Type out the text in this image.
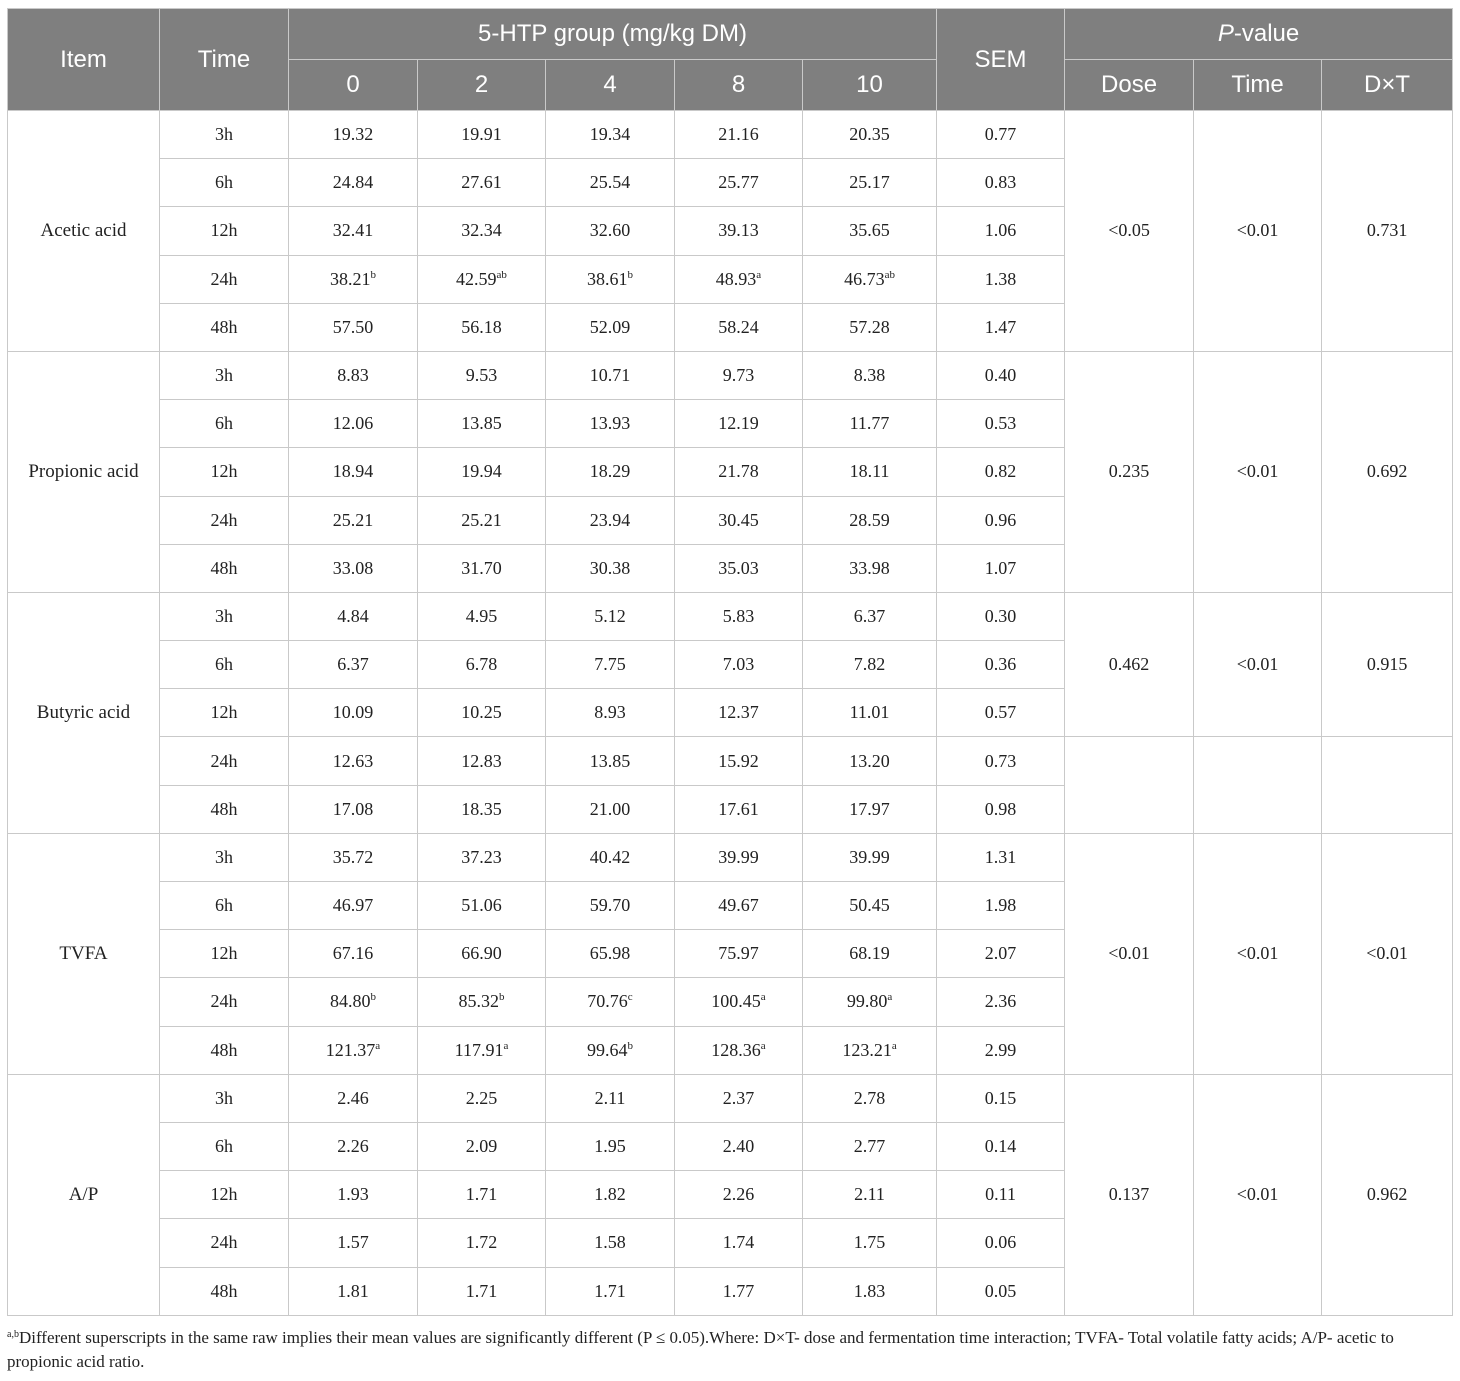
Item	Time	5-HTP group (mg/kg DM)					SEM	P-value		
		0	2	4	8	10		Dose	Time	D×T
Acetic acid	3h	19.32	19.91	19.34	21.16	20.35	0.77	<0.05	<0.01	0.731
	6h	24.84	27.61	25.54	25.77	25.17	0.83			
	12h	32.41	32.34	32.60	39.13	35.65	1.06			
	24h	38.21$^b$	42.59$^{ab}$	38.61$^b$	48.93$^a$	46.73$^{ab}$	1.38			
	48h	57.50	56.18	52.09	58.24	57.28	1.47			
Propionic acid	3h	8.83	9.53	10.71	9.73	8.38	0.40	0.235	<0.01	0.692
	6h	12.06	13.85	13.93	12.19	11.77	0.53			
	12h	18.94	19.94	18.29	21.78	18.11	0.82			
	24h	25.21	25.21	23.94	30.45	28.59	0.96			
	48h	33.08	31.70	30.38	35.03	33.98	1.07			
Butyric acid	3h	4.84	4.95	5.12	5.83	6.37	0.30	0.462	<0.01	0.915
	6h	6.37	6.78	7.75	7.03	7.82	0.36			
	12h	10.09	10.25	8.93	12.37	11.01	0.57			
	24h	12.63	12.83	13.85	15.92	13.20	0.73			
	48h	17.08	18.35	21.00	17.61	17.97	0.98			
TVFA	3h	35.72	37.23	40.42	39.99	39.99	1.31	<0.01	<0.01	<0.01
	6h	46.97	51.06	59.70	49.67	50.45	1.98			
	12h	67.16	66.90	65.98	75.97	68.19	2.07			
	24h	84.80$^b$	85.32$^b$	70.76$^c$	100.45$^a$	99.80$^a$	2.36			
	48h	121.37$^a$	117.91$^a$	99.64$^b$	128.36$^a$	123.21$^a$	2.99			
A/P	3h	2.46	2.25	2.11	2.37	2.78	0.15	0.137	<0.01	0.962
	6h	2.26	2.09	1.95	2.40	2.77	0.14			
	12h	1.93	1.71	1.82	2.26	2.11	0.11			
	24h	1.57	1.72	1.58	1.74	1.75	0.06			
	48h	1.81	1.71	1.71	1.77	1.83	0.05			
$^{a,b}$Different superscripts in the same raw implies their mean values are significantly different (P ≤ 0.05).Where: D×T- dose and fermentation time interaction; TVFA- Total volatile fatty acids; A/P- acetic to propionic acid ratio.
